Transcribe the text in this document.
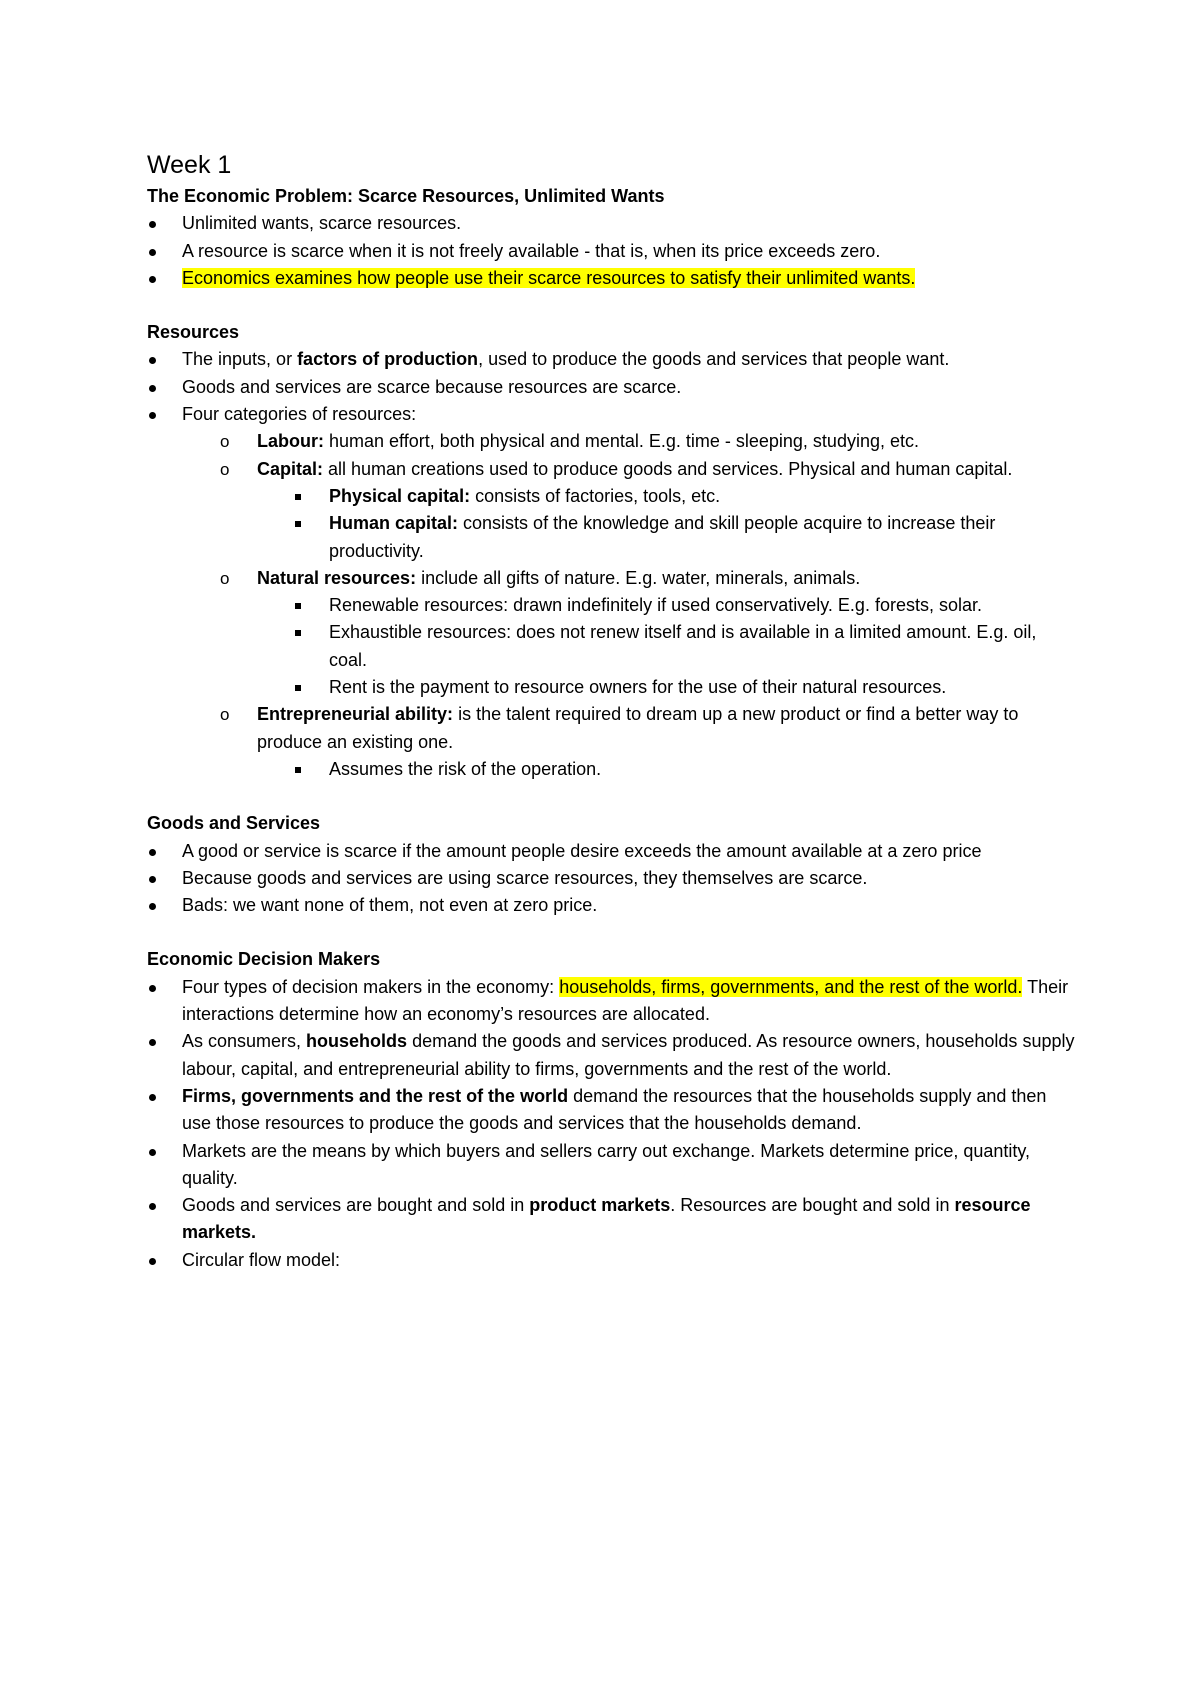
Week 1
The Economic Problem: Scarce Resources, Unlimited Wants
Unlimited wants, scarce resources.
A resource is scarce when it is not freely available - that is, when its price exceeds zero.
Economics examines how people use their scarce resources to satisfy their unlimited wants.
Resources
The inputs, or factors of production, used to produce the goods and services that people want.
Goods and services are scarce because resources are scarce.
Four categories of resources:
o Labour: human effort, both physical and mental. E.g. time - sleeping, studying, etc.
o Capital: all human creations used to produce goods and services. Physical and human capital.
Physical capital: consists of factories, tools, etc.
Human capital: consists of the knowledge and skill people acquire to increase their productivity.
o Natural resources: include all gifts of nature. E.g. water, minerals, animals.
Renewable resources: drawn indefinitely if used conservatively. E.g. forests, solar.
Exhaustible resources: does not renew itself and is available in a limited amount. E.g. oil, coal.
Rent is the payment to resource owners for the use of their natural resources.
o Entrepreneurial ability: is the talent required to dream up a new product or find a better way to produce an existing one.
Assumes the risk of the operation.
Goods and Services
A good or service is scarce if the amount people desire exceeds the amount available at a zero price
Because goods and services are using scarce resources, they themselves are scarce.
Bads: we want none of them, not even at zero price.
Economic Decision Makers
Four types of decision makers in the economy: households, firms, governments, and the rest of the world. Their interactions determine how an economy’s resources are allocated.
As consumers, households demand the goods and services produced. As resource owners, households supply labour, capital, and entrepreneurial ability to firms, governments and the rest of the world.
Firms, governments and the rest of the world demand the resources that the households supply and then use those resources to produce the goods and services that the households demand.
Markets are the means by which buyers and sellers carry out exchange. Markets determine price, quantity, quality.
Goods and services are bought and sold in product markets. Resources are bought and sold in resource markets.
Circular flow model:
